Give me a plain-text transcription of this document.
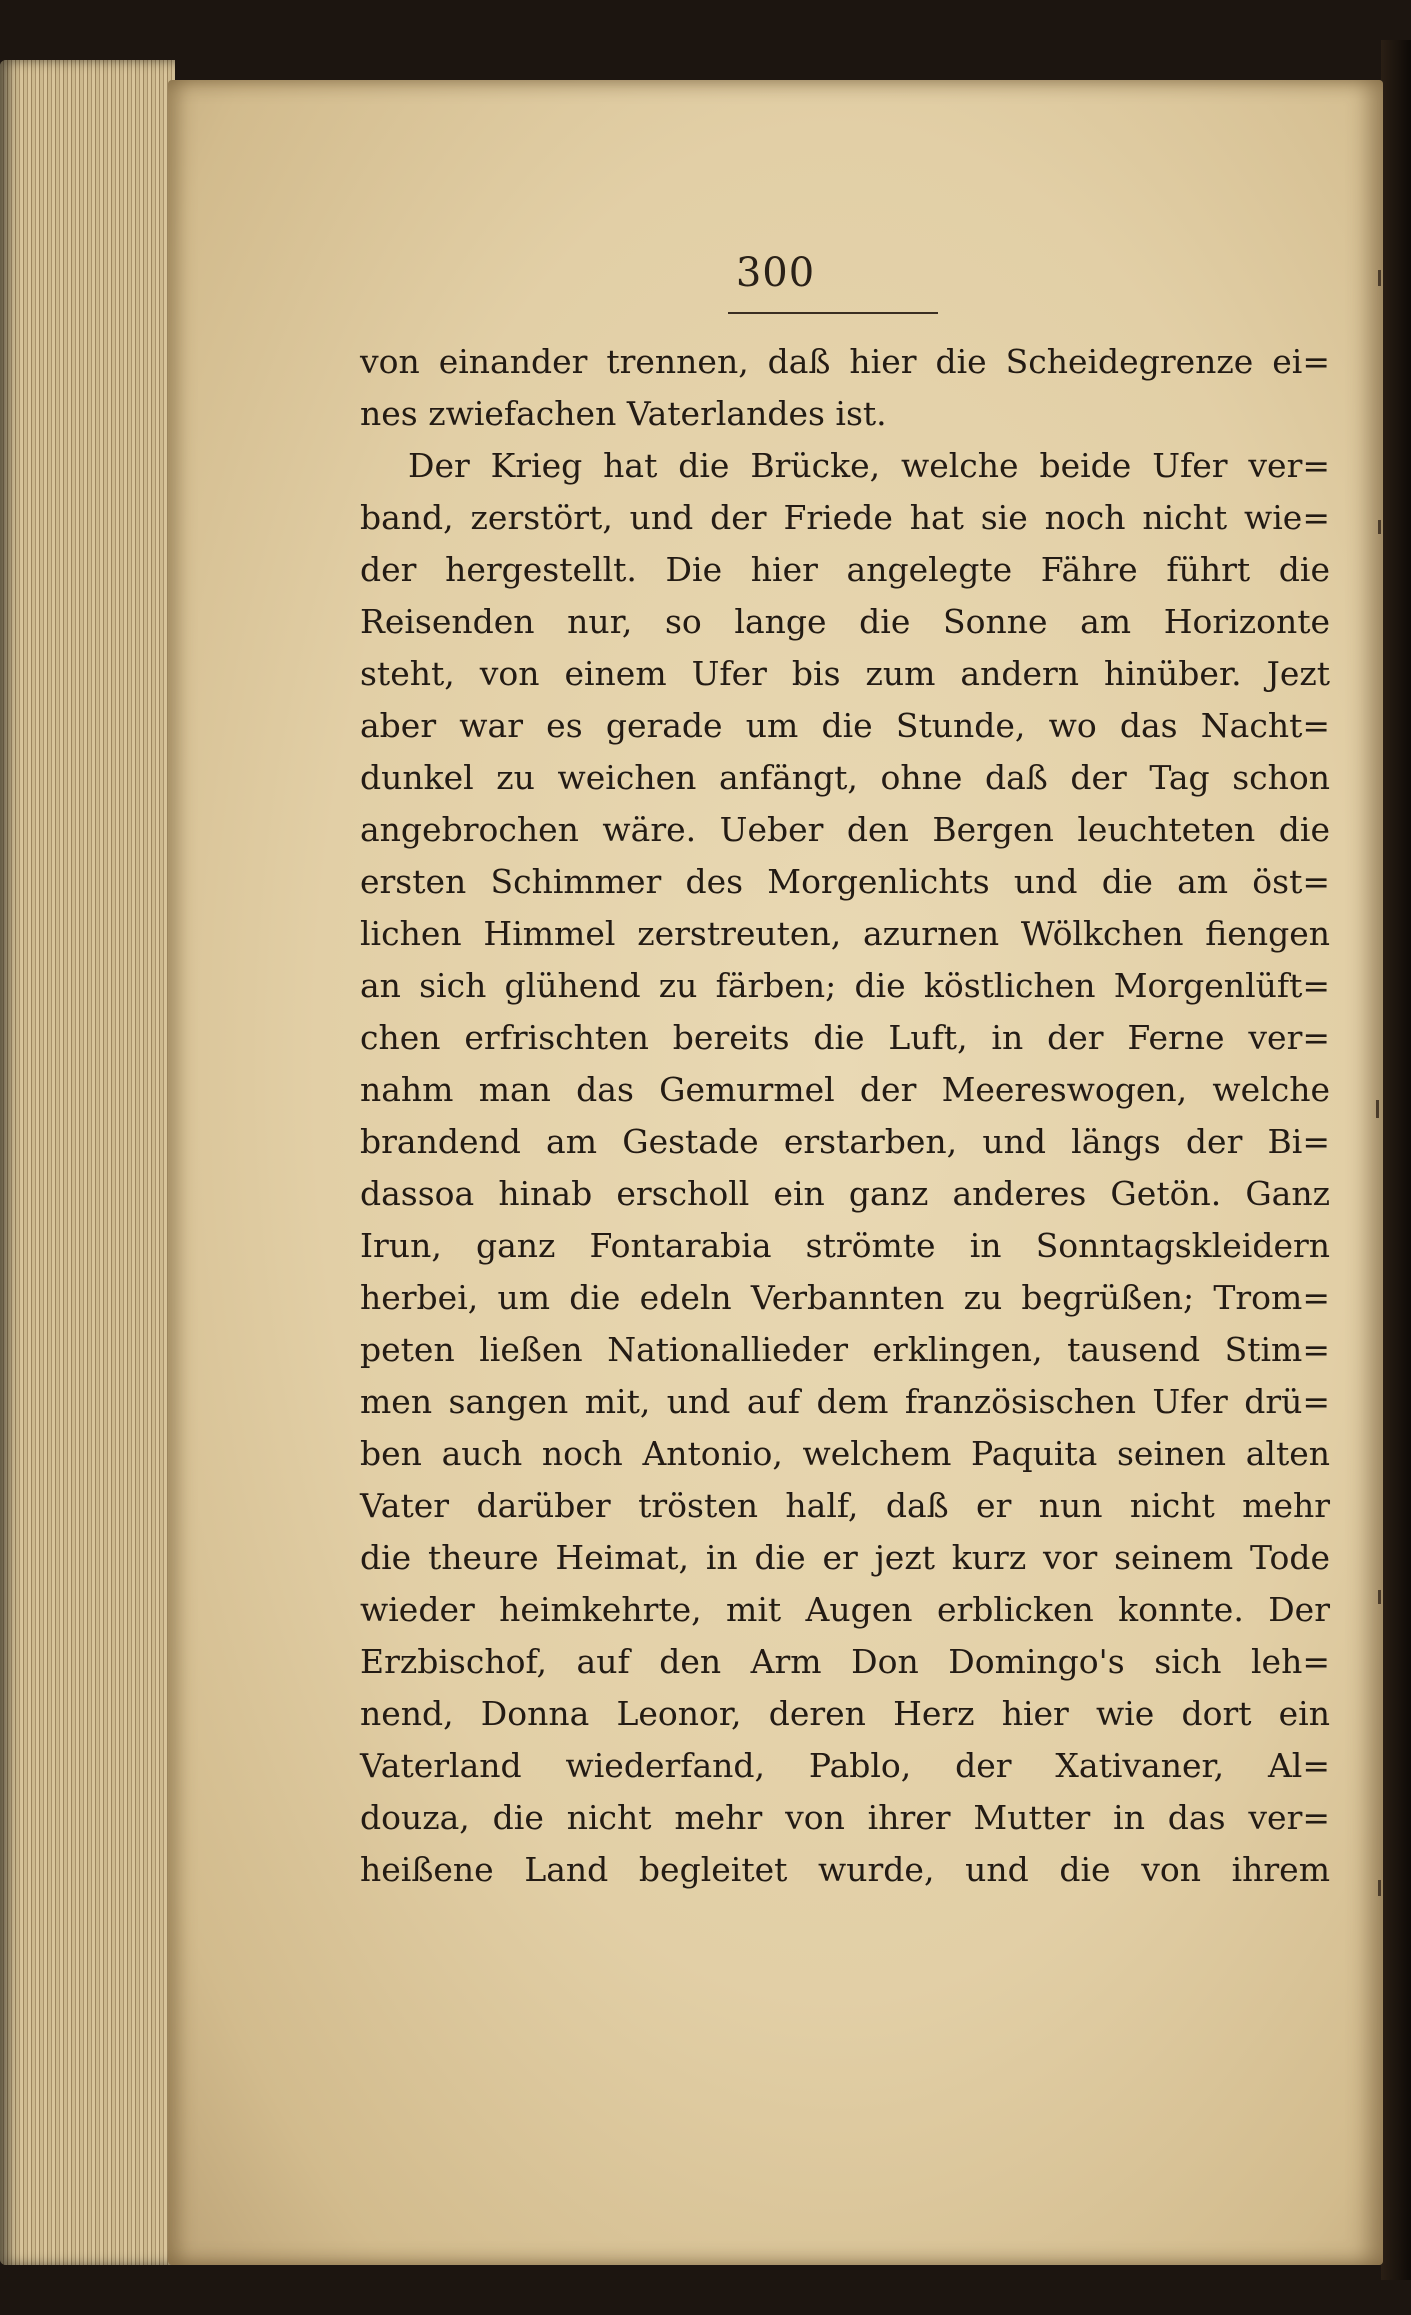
300
von einander trennen, daß hier die Scheidegrenze ei=
nes zwiefachen Vaterlandes ist.
Der Krieg hat die Brücke, welche beide Ufer ver=
band, zerstört, und der Friede hat sie noch nicht wie=
der hergestellt. Die hier angelegte Fähre führt die
Reisenden nur, so lange die Sonne am Horizonte
steht, von einem Ufer bis zum andern hinüber. Jezt
aber war es gerade um die Stunde, wo das Nacht=
dunkel zu weichen anfängt, ohne daß der Tag schon
angebrochen wäre. Ueber den Bergen leuchteten die
ersten Schimmer des Morgenlichts und die am öst=
lichen Himmel zerstreuten, azurnen Wölkchen fiengen
an sich glühend zu färben; die köstlichen Morgenlüft=
chen erfrischten bereits die Luft, in der Ferne ver=
nahm man das Gemurmel der Meereswogen, welche
brandend am Gestade erstarben, und längs der Bi=
dassoa hinab erscholl ein ganz anderes Getön. Ganz
Irun, ganz Fontarabia strömte in Sonntagskleidern
herbei, um die edeln Verbannten zu begrüßen; Trom=
peten ließen Nationallieder erklingen, tausend Stim=
men sangen mit, und auf dem französischen Ufer drü=
ben auch noch Antonio, welchem Paquita seinen alten
Vater darüber trösten half, daß er nun nicht mehr
die theure Heimat, in die er jezt kurz vor seinem Tode
wieder heimkehrte, mit Augen erblicken konnte. Der
Erzbischof, auf den Arm Don Domingo's sich leh=
nend, Donna Leonor, deren Herz hier wie dort ein
Vaterland wiederfand, Pablo, der Xativaner, Al=
douza, die nicht mehr von ihrer Mutter in das ver=
heißene Land begleitet wurde, und die von ihrem
